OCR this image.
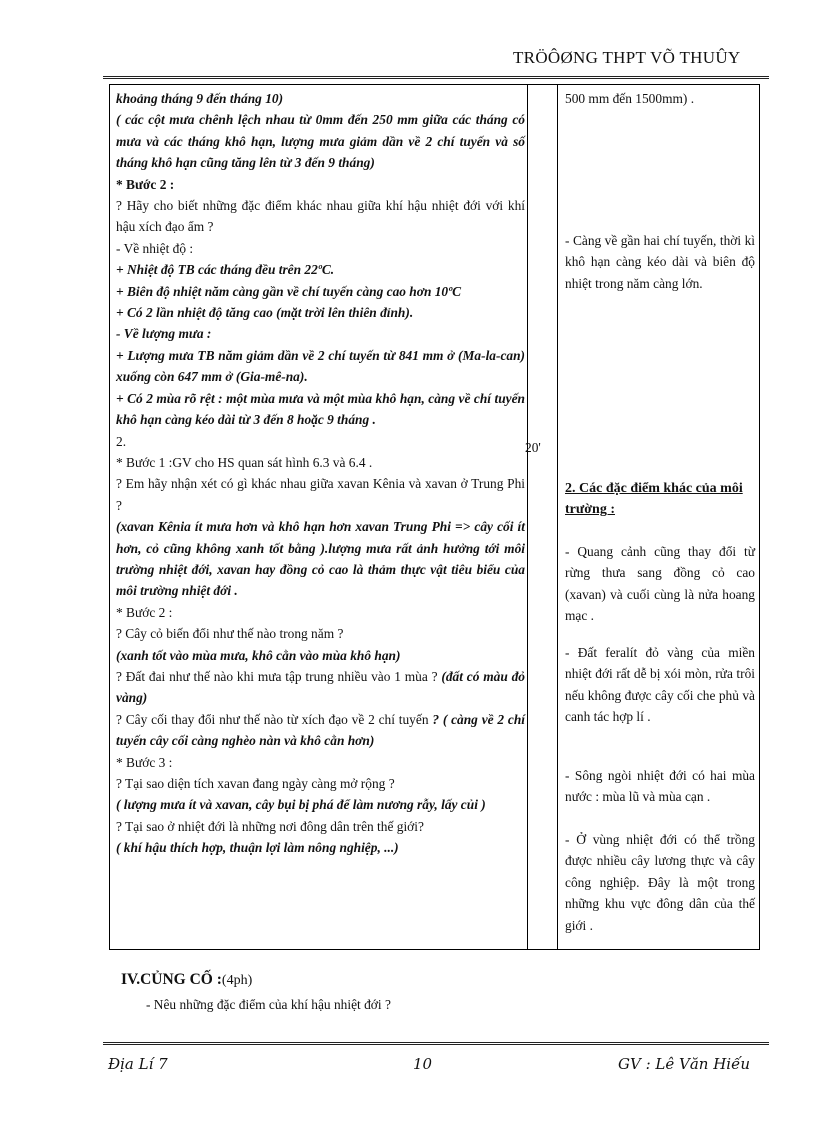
TRÖÔØNG THPT VÕ THUÛY

khoảng tháng 9 đến tháng 10)

( các cột mưa chênh lệch nhau từ 0mm đến 250 mm giữa các tháng có mưa và các tháng khô hạn, lượng mưa giảm dần về 2 chí tuyến và số tháng khô hạn cũng tăng lên từ 3 đến 9 tháng)

* Bước 2 :

? Hãy cho biết những đặc điểm khác nhau giữa khí hậu nhiệt đới với khí hậu xích đạo ẩm ?

- Về nhiệt độ :

+ Nhiệt độ TB các tháng đều trên 22ºC.

+ Biên độ nhiệt năm càng gần về chí tuyến càng cao hơn 10ºC

+ Có 2 lần nhiệt độ tăng cao (mặt trời lên thiên đỉnh).

- Về lượng mưa :

+ Lượng mưa TB năm giảm dần về 2 chí tuyến từ 841 mm ở (Ma-la-can) xuống còn 647 mm ở (Gia-mê-na).

+ Có 2 mùa rõ rệt : một mùa mưa và một mùa khô hạn, càng về chí tuyến khô hạn càng kéo dài từ 3 đến 8 hoặc 9 tháng .

2.

* Bước 1 :GV cho HS quan sát hình 6.3 và 6.4 .

? Em hãy nhận xét có gì khác nhau giữa xavan Kênia và xavan ở Trung Phi ?

(xavan Kênia ít mưa hơn và khô hạn hơn xavan Trung Phi => cây cối ít hơn, cỏ cũng không xanh tốt bằng ).lượng mưa rất ảnh hưởng tới môi trường nhiệt đới, xavan hay đồng cỏ cao là thảm thực vật tiêu biểu của môi trường nhiệt đới .

* Bước 2 :

? Cây cỏ biến đổi như thế nào trong năm ?

(xanh tốt vào mùa mưa, khô cằn vào mùa khô hạn)

? Đất đai như thế nào khi mưa tập trung nhiều vào 1 mùa ? (đất có màu đỏ vàng)

? Cây cối thay đổi như thế nào từ xích đạo về 2 chí tuyến ? ( càng về 2 chí tuyến cây cối càng nghèo nàn và khô cằn hơn)

* Bước 3 :

? Tại sao diện tích xavan đang ngày càng mở rộng ?

( lượng mưa ít và xavan, cây bụi bị phá để làm nương rẫy, lấy củi )

? Tại sao ở nhiệt đới là những nơi đông dân trên thế giới?

( khí hậu thích hợp, thuận lợi làm nông nghiệp, ...)

20'

500 mm đến 1500mm) .

- Càng về gần hai chí tuyến, thời kì khô hạn càng kéo dài và biên độ nhiệt trong năm càng lớn.

2. Các đặc điểm khác của môi trường :

- Quang cảnh cũng thay đổi từ rừng thưa sang đồng cỏ cao (xavan) và cuối cùng là nửa hoang mạc .

- Đất feralít đỏ vàng của miền nhiệt đới rất dễ bị xói mòn, rửa trôi nếu không được cây cối che phủ và canh tác hợp lí .

- Sông ngòi nhiệt đới có hai mùa nước : mùa lũ và mùa cạn .

- Ở vùng nhiệt đới có thể trồng được nhiều cây lương thực và cây công nghiệp. Đây là một trong những khu vực đông dân của thế giới .

IV.CỦNG CỐ :(4ph)
- Nêu những đặc điểm của khí hậu nhiệt đới ?
Địa Lí 7	10	GV : Lê Văn Hiếu
